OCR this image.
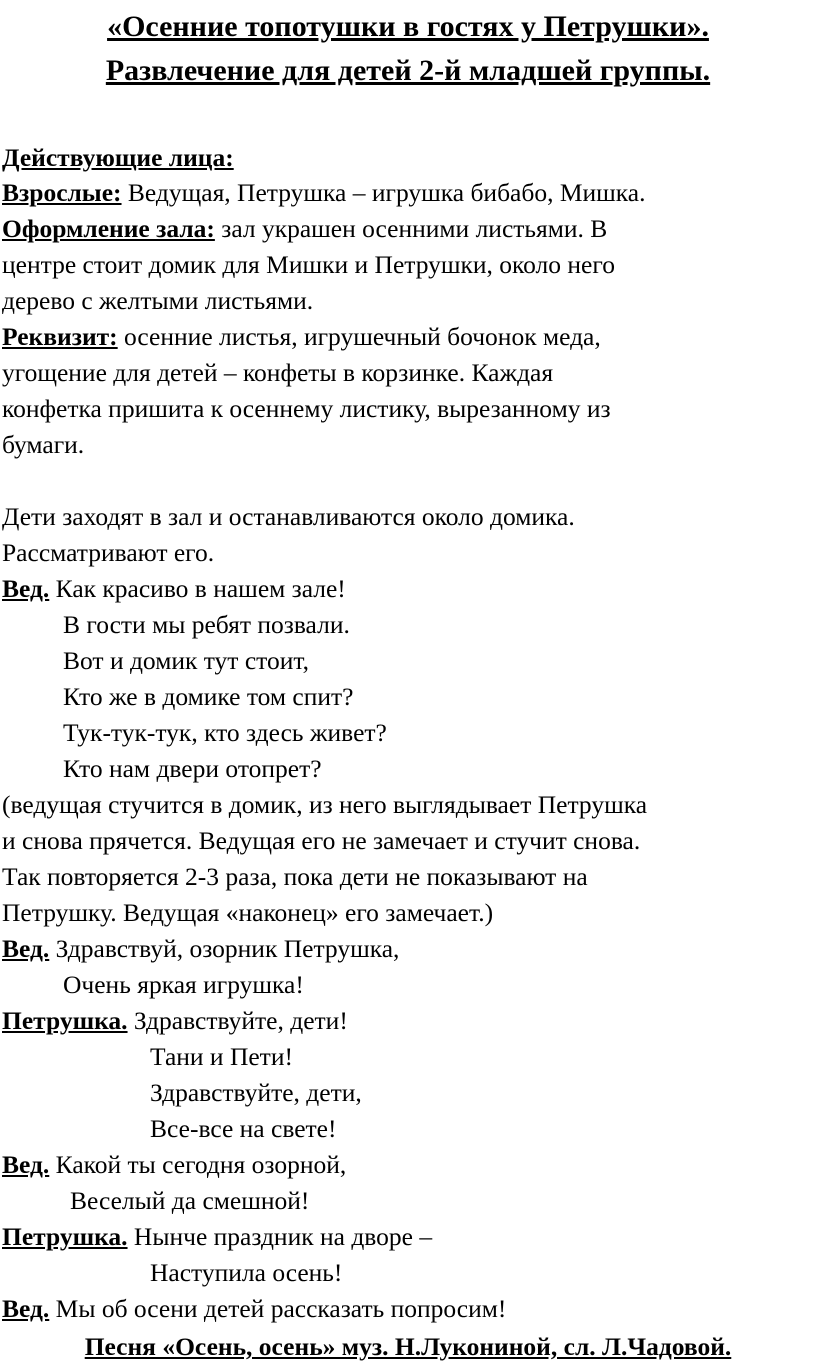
«Осенние топотушки в гостях у Петрушки».

Развлечение для детей 2-й младшей группы.

Действующие лица:
Взрослые: Ведущая, Петрушка – игрушка бибабо, Мишка.
Оформление зала: зал украшен осенними листьями. В
центре стоит домик для Мишки и Петрушки, около него
дерево с желтыми листьями.
Реквизит: осенние листья, игрушечный бочонок меда,
угощение для детей – конфеты в корзинке. Каждая
конфетка пришита к осеннему листику, вырезанному из
бумаги.
Дети заходят в зал и останавливаются около домика.
Рассматривают его.
Вед. Как красиво в нашем зале!
В гости мы ребят позвали.
Вот и домик тут стоит,
Кто же в домике том спит?
Тук-тук-тук, кто здесь живет?
Кто нам двери отопрет?
(ведущая стучится в домик, из него выглядывает Петрушка
и снова прячется. Ведущая его не замечает и стучит снова.
Так повторяется 2-3 раза, пока дети не показывают на
Петрушку. Ведущая «наконец» его замечает.)
Вед. Здравствуй, озорник Петрушка,
Очень яркая игрушка!
Петрушка. Здравствуйте, дети!
Тани и Пети!
Здравствуйте, дети,
Все-все на свете!
Вед. Какой ты сегодня озорной,
Веселый да смешной!
Петрушка. Нынче праздник на дворе –
Наступила осень!
Вед. Мы об осени детей рассказать попросим!
Песня «Осень, осень» муз. Н.Лукониной, сл. Л.Чадовой.
